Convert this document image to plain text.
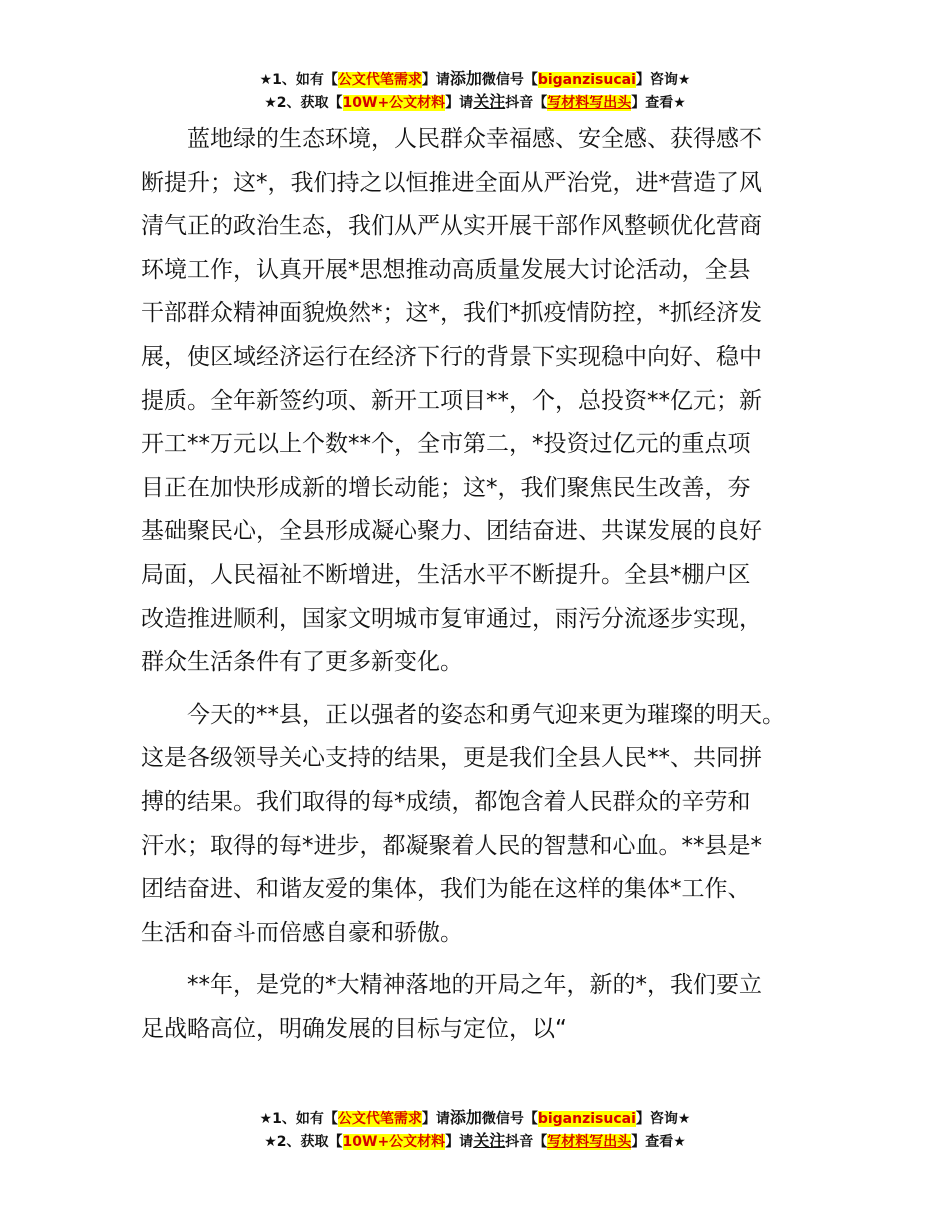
★1、如有【公文代笔需求】请添加微信号【biganzisucai】咨询★
★2、获取【10W+公文材料】请关注抖音【写材料写出头】查看★
蓝地绿的生态环境，人民群众幸福感、安全感、获得感不
断提升；这*，我们持之以恒推进全面从严治党，进*营造了风
清气正的政治生态，我们从严从实开展干部作风整顿优化营商
环境工作，认真开展*思想推动高质量发展大讨论活动，全县
干部群众精神面貌焕然*；这*，我们*抓疫情防控，*抓经济发
展，使区域经济运行在经济下行的背景下实现稳中向好、稳中
提质。全年新签约项、新开工项目**，个，总投资**亿元；新
开工**万元以上个数**个，全市第二，*投资过亿元的重点项
目正在加快形成新的增长动能；这*，我们聚焦民生改善，夯
基础聚民心，全县形成凝心聚力、团结奋进、共谋发展的良好
局面，人民福祉不断增进，生活水平不断提升。全县*棚户区
改造推进顺利，国家文明城市复审通过，雨污分流逐步实现，
群众生活条件有了更多新变化。
今天的**县，正以强者的姿态和勇气迎来更为璀璨的明天。
这是各级领导关心支持的结果，更是我们全县人民**、共同拼
搏的结果。我们取得的每*成绩，都饱含着人民群众的辛劳和
汗水；取得的每*进步，都凝聚着人民的智慧和心血。**县是*
团结奋进、和谐友爱的集体，我们为能在这样的集体*工作、
生活和奋斗而倍感自豪和骄傲。
**年，是党的*大精神落地的开局之年，新的*，我们要立
足战略高位，明确发展的目标与定位，以“
★1、如有【公文代笔需求】请添加微信号【biganzisucai】咨询★
★2、获取【10W+公文材料】请关注抖音【写材料写出头】查看★
